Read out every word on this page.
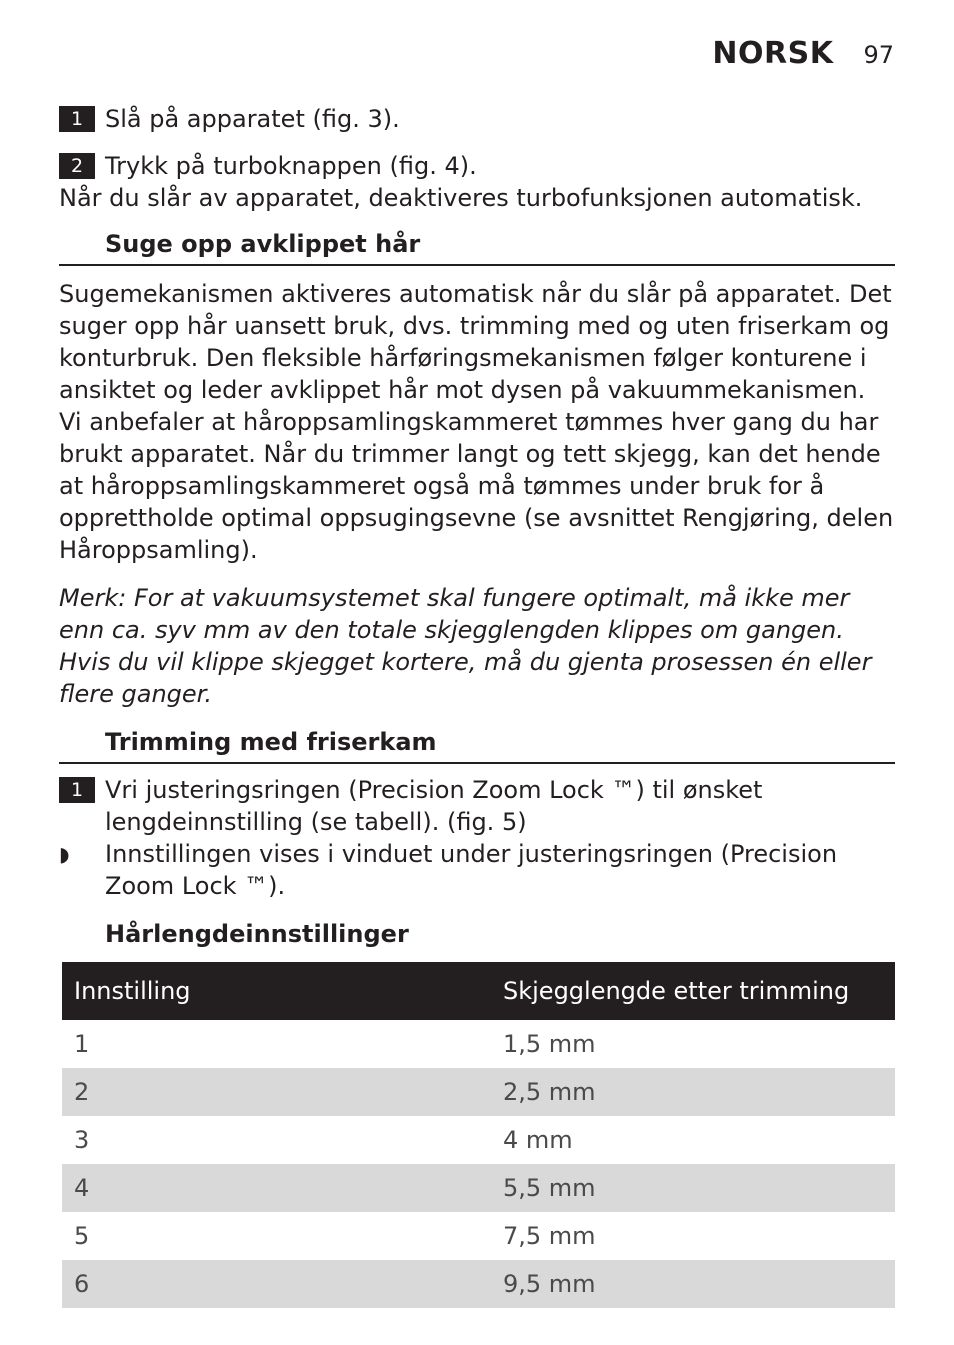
NORSK 97
1 Slå på apparatet (fig. 3).
2 Trykk på turboknappen (fig. 4).

Når du slår av apparatet, deaktiveres turbofunksjonen automatisk.

Suge opp avklippet hår

Sugemekanismen aktiveres automatisk når du slår på apparatet. Det suger opp hår uansett bruk, dvs. trimming med og uten friserkam og konturbruk. Den fleksible hårføringsmekanismen følger konturene i ansiktet og leder avklippet hår mot dysen på vakuummekanismen.

Vi anbefaler at håroppsamlingskammeret tømmes hver gang du har brukt apparatet. Når du trimmer langt og tett skjegg, kan det hende at håroppsamlingskammeret også må tømmes under bruk for å opprettholde optimal oppsugingsevne (se avsnittet Rengjøring, delen Håroppsamling).

Merk: For at vakuumsystemet skal fungere optimalt, må ikke mer enn ca. syv mm av den totale skjegglengden klippes om gangen. Hvis du vil klippe skjegget kortere, må du gjenta prosessen én eller flere ganger.

Trimming med friserkam
1 Vri justeringsringen (Precision Zoom Lock ™) til ønsket lengdeinnstilling (se tabell). (fig. 5)
◗	Innstillingen vises i vinduet under justeringsringen (Precision Zoom Lock ™).
Hårlengdeinnstillinger
Innstilling	Skjegglengde etter trimming
1	1,5 mm
2	2,5 mm
3	4 mm
4	5,5 mm
5	7,5 mm
6	9,5 mm
